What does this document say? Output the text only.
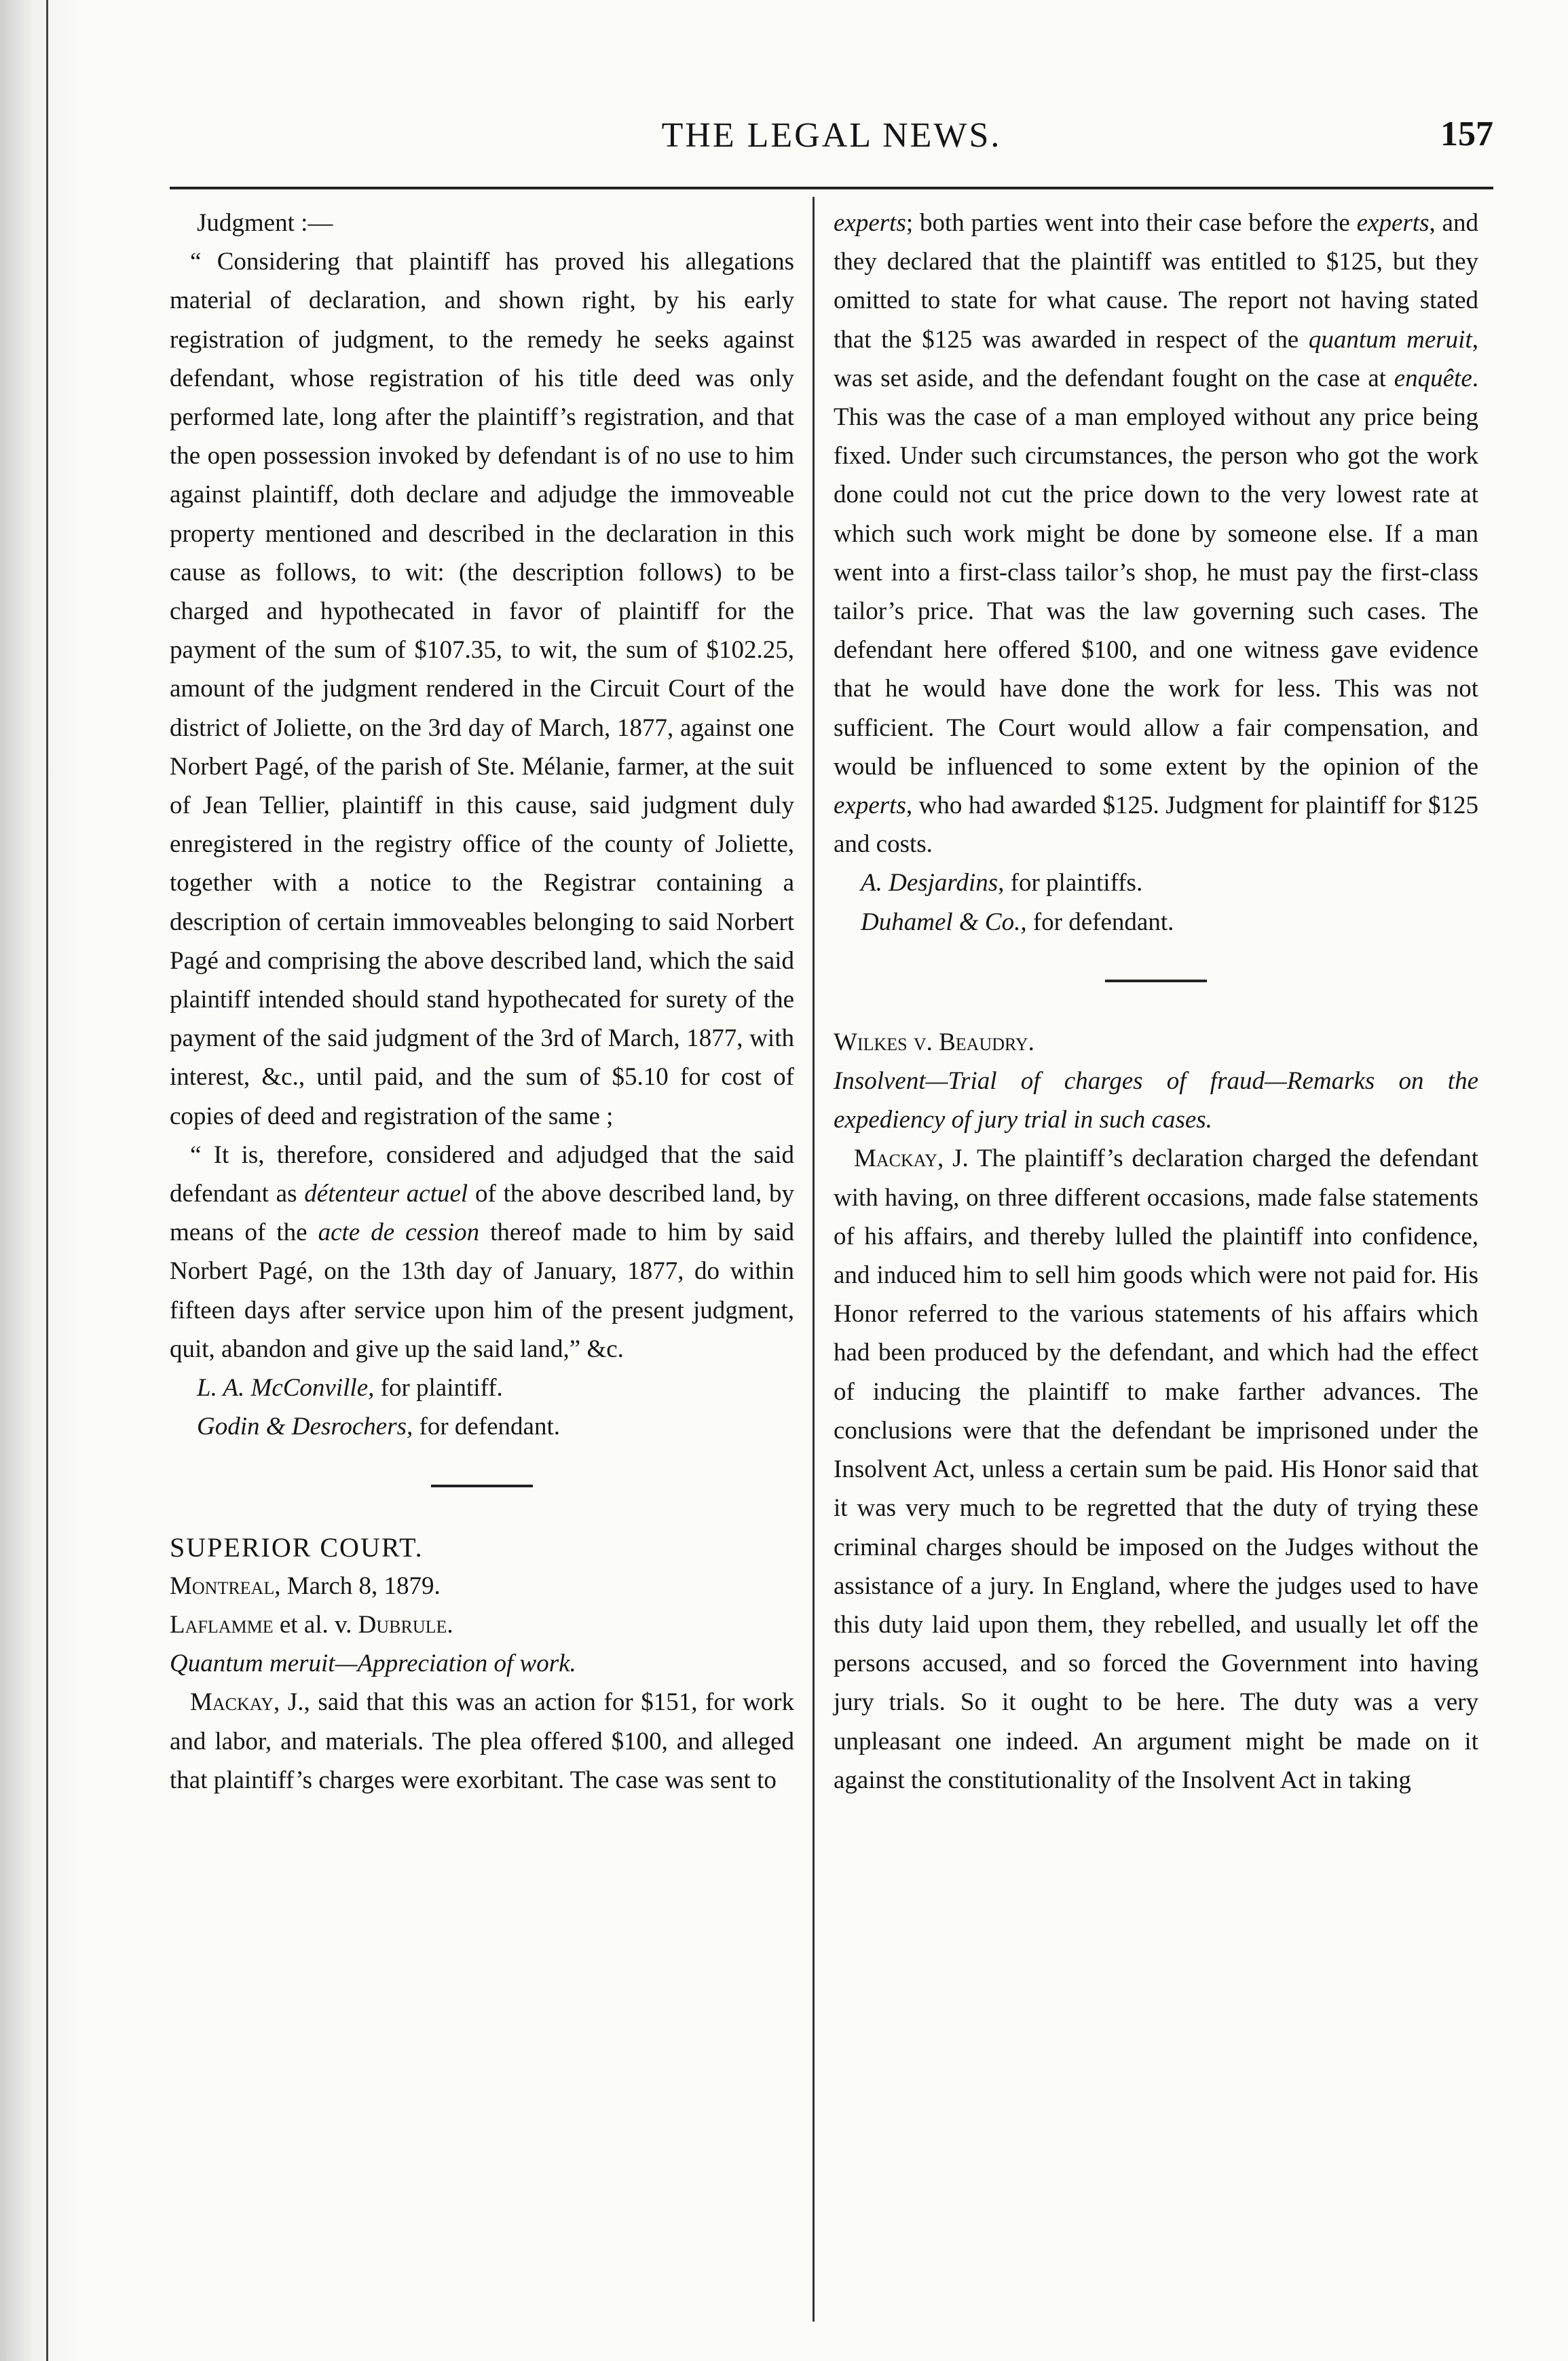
THE LEGAL NEWS.	157

Judgment :—

“ Considering that plaintiff has proved his allegations material of declaration, and shown right, by his early registration of judgment, to the remedy he seeks against defendant, whose registration of his title deed was only performed late, long after the plaintiff’s registration, and that the open possession invoked by defendant is of no use to him against plaintiff, doth declare and adjudge the immoveable property mentioned and described in the declaration in this cause as follows, to wit: (the description follows) to be charged and hypothecated in favor of plaintiff for the payment of the sum of $107.35, to wit, the sum of $102.25, amount of the judgment rendered in the Circuit Court of the district of Joliette, on the 3rd day of March, 1877, against one Norbert Pagé, of the parish of Ste. Mélanie, farmer, at the suit of Jean Tellier, plaintiff in this cause, said judgment duly enregistered in the registry office of the county of Joliette, together with a notice to the Registrar containing a description of certain immoveables belonging to said Norbert Pagé and comprising the above described land, which the said plaintiff intended should stand hypothecated for surety of the payment of the said judgment of the 3rd of March, 1877, with interest, &c., until paid, and the sum of $5.10 for cost of copies of deed and registration of the same ;

“ It is, therefore, considered and adjudged that the said defendant as détenteur actuel of the above described land, by means of the acte de cession thereof made to him by said Norbert Pagé, on the 13th day of January, 1877, do within fifteen days after service upon him of the present judgment, quit, abandon and give up the said land,” &c.

L. A. McConville, for plaintiff.

Godin & Desrochers, for defendant.

SUPERIOR COURT.

Montreal, March 8, 1879.

Laflamme et al. v. Dubrule.

Quantum meruit—Appreciation of work.

Mackay, J., said that this was an action for $151, for work and labor, and materials. The plea offered $100, and alleged that plaintiff’s charges were exorbitant. The case was sent to

experts; both parties went into their case before the experts, and they declared that the plaintiff was entitled to $125, but they omitted to state for what cause. The report not having stated that the $125 was awarded in respect of the quantum meruit, was set aside, and the defendant fought on the case at enquête. This was the case of a man employed without any price being fixed. Under such circumstances, the person who got the work done could not cut the price down to the very lowest rate at which such work might be done by someone else. If a man went into a first-class tailor’s shop, he must pay the first-class tailor’s price. That was the law governing such cases. The defendant here offered $100, and one witness gave evidence that he would have done the work for less. This was not sufficient. The Court would allow a fair compensation, and would be influenced to some extent by the opinion of the experts, who had awarded $125. Judgment for plaintiff for $125 and costs.

A. Desjardins, for plaintiffs.

Duhamel & Co., for defendant.

Wilkes v. Beaudry.

Insolvent—Trial of charges of fraud—Remarks on the expediency of jury trial in such cases.

Mackay, J. The plaintiff’s declaration charged the defendant with having, on three different occasions, made false statements of his affairs, and thereby lulled the plaintiff into confidence, and induced him to sell him goods which were not paid for. His Honor referred to the various statements of his affairs which had been produced by the defendant, and which had the effect of inducing the plaintiff to make farther advances. The conclusions were that the defendant be imprisoned under the Insolvent Act, unless a certain sum be paid. His Honor said that it was very much to be regretted that the duty of trying these criminal charges should be imposed on the Judges without the assistance of a jury. In England, where the judges used to have this duty laid upon them, they rebelled, and usually let off the persons accused, and so forced the Government into having jury trials. So it ought to be here. The duty was a very unpleasant one indeed. An argument might be made on it against the constitutionality of the Insolvent Act in taking
